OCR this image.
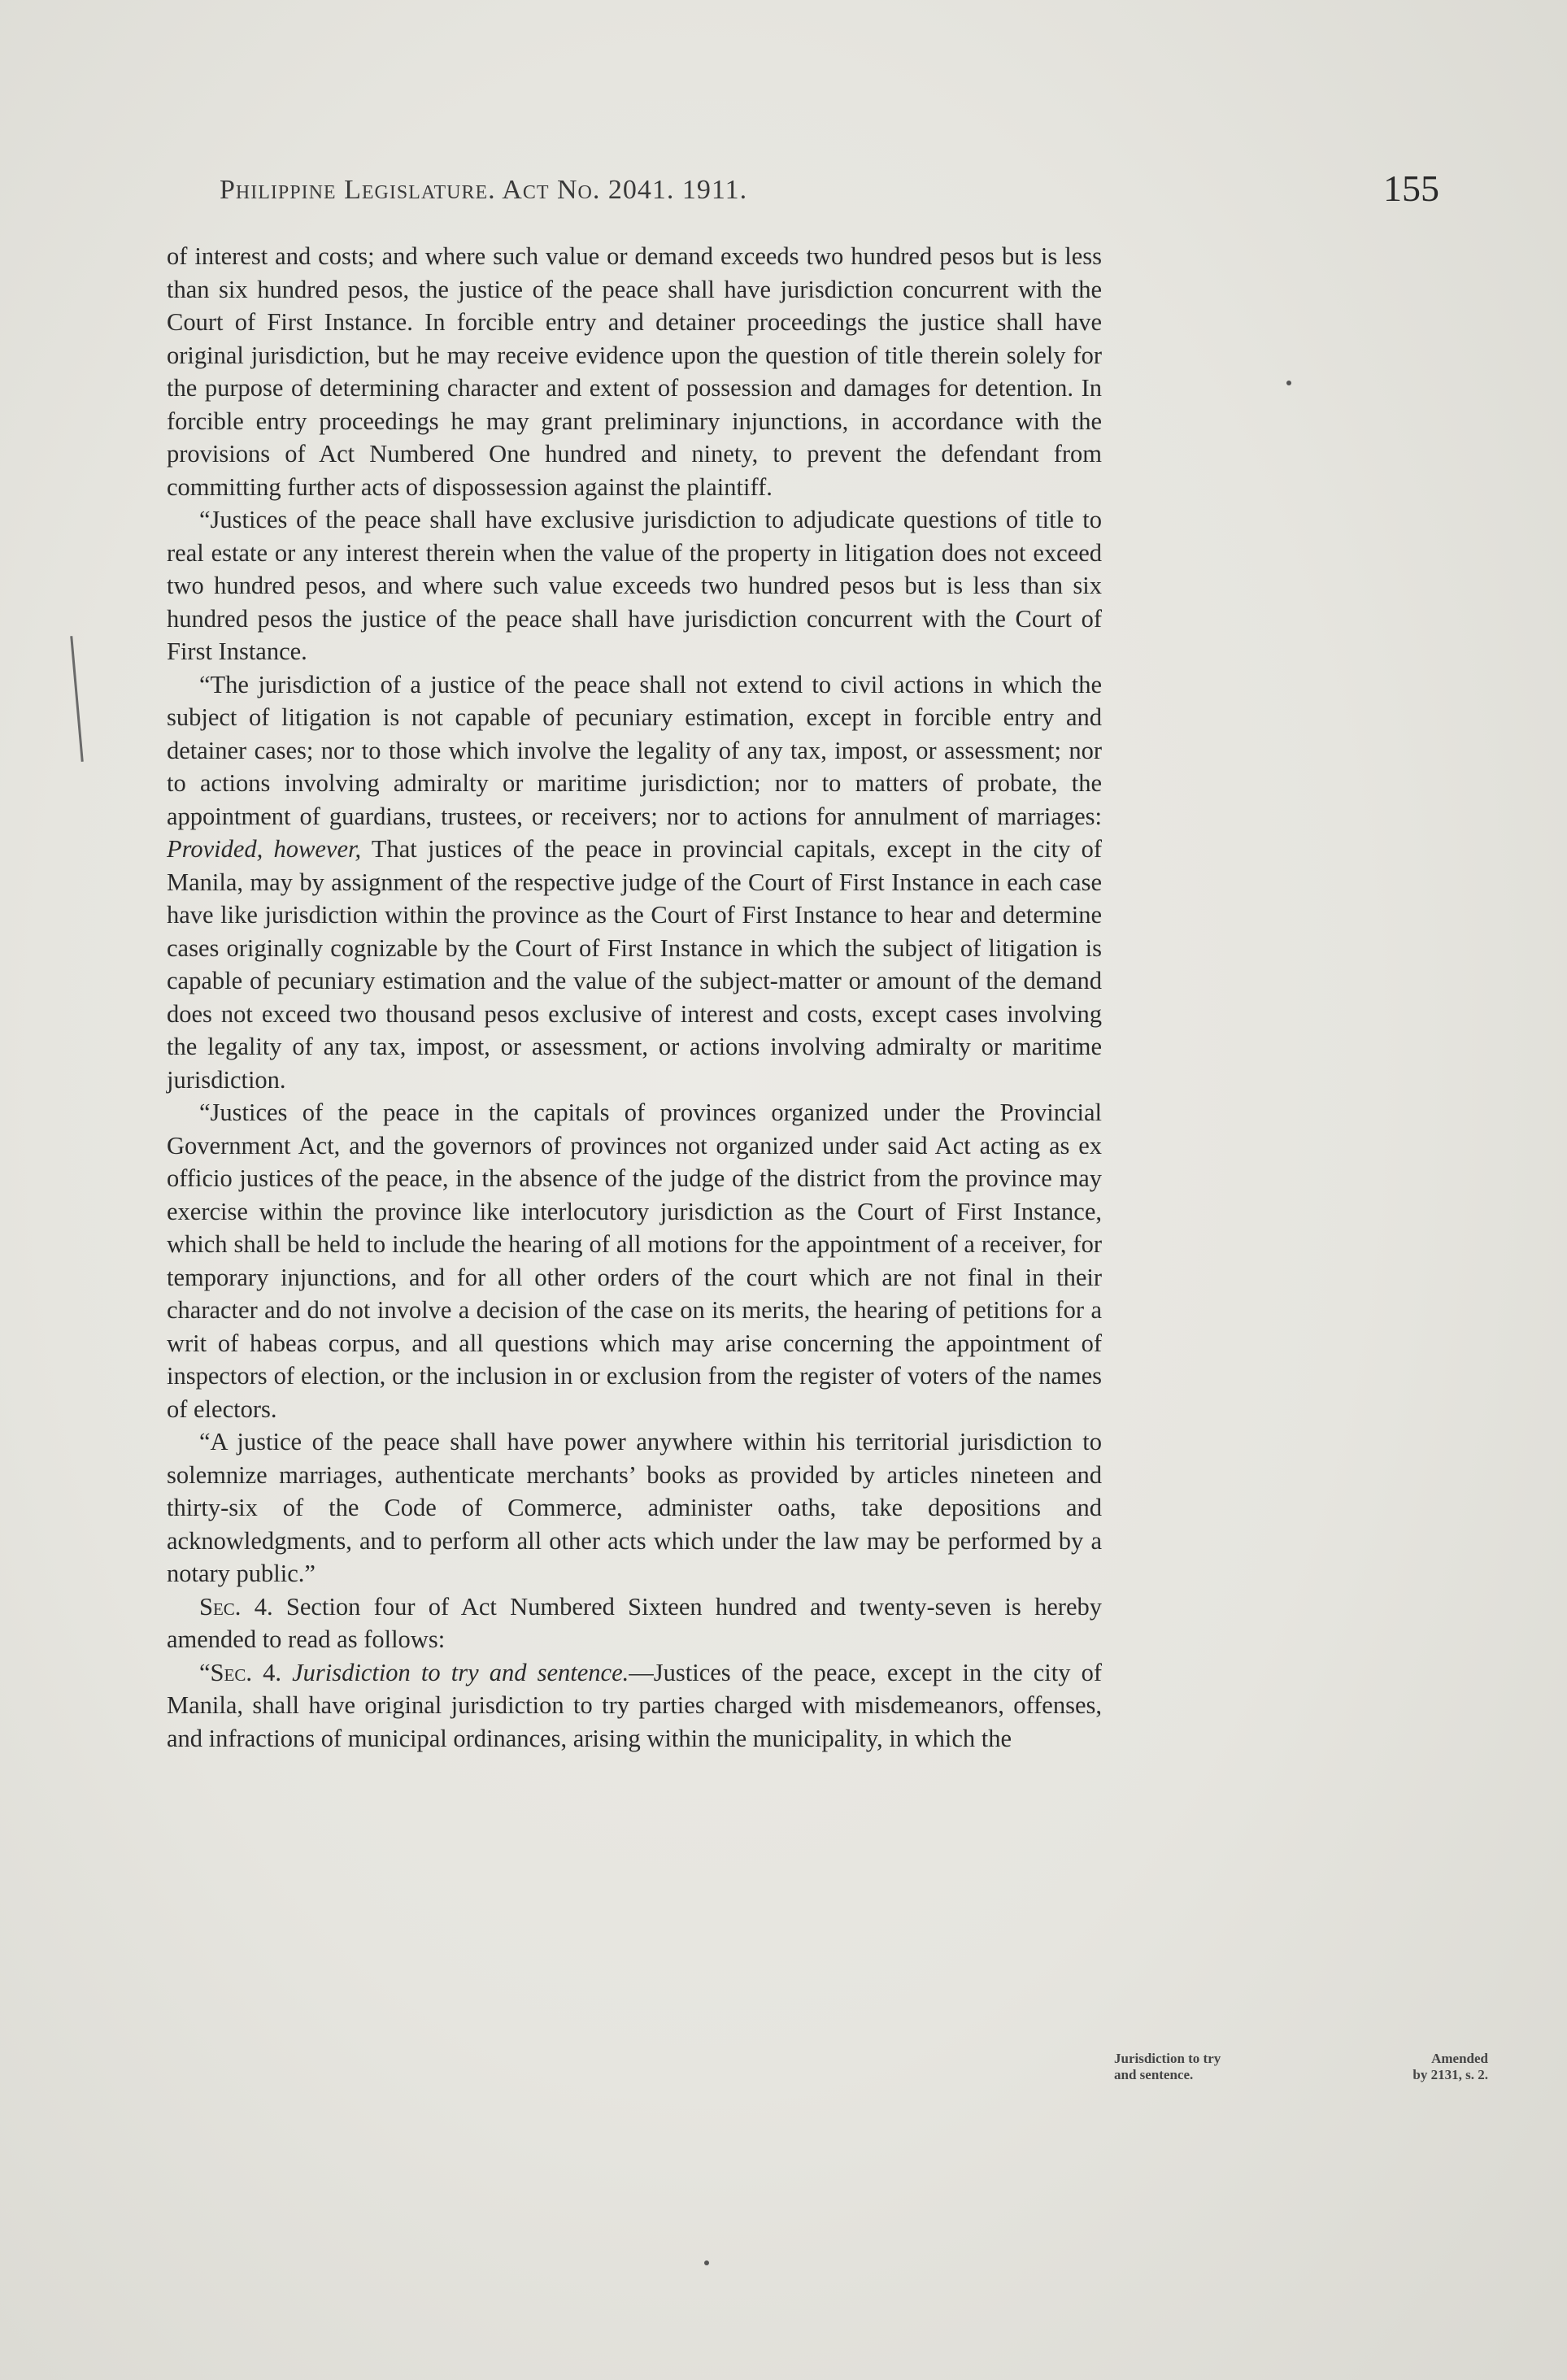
Philippine Legislature. Act No. 2041. 1911.	155

of interest and costs; and where such value or demand exceeds two hundred pesos but is less than six hundred pesos, the justice of the peace shall have jurisdiction concurrent with the Court of First Instance. In forcible entry and detainer proceedings the justice shall have original jurisdiction, but he may receive evidence upon the question of title therein solely for the purpose of determining character and extent of possession and damages for detention. In forcible entry proceedings he may grant preliminary injunctions, in accordance with the provisions of Act Numbered One hundred and ninety, to prevent the defendant from committing further acts of dispossession against the plaintiff.

“Justices of the peace shall have exclusive jurisdiction to adjudicate questions of title to real estate or any interest therein when the value of the property in litigation does not exceed two hundred pesos, and where such value exceeds two hundred pesos but is less than six hundred pesos the justice of the peace shall have jurisdiction concurrent with the Court of First Instance.

“The jurisdiction of a justice of the peace shall not extend to civil actions in which the subject of litigation is not capable of pecuniary estimation, except in forcible entry and detainer cases; nor to those which involve the legality of any tax, impost, or assessment; nor to actions involving admiralty or maritime jurisdiction; nor to matters of probate, the appointment of guardians, trustees, or receivers; nor to actions for annulment of marriages: Provided, however, That justices of the peace in provincial capitals, except in the city of Manila, may by assignment of the respective judge of the Court of First Instance in each case have like jurisdiction within the province as the Court of First Instance to hear and determine cases originally cognizable by the Court of First Instance in which the subject of litigation is capable of pecuniary estimation and the value of the subject-matter or amount of the demand does not exceed two thousand pesos exclusive of interest and costs, except cases involving the legality of any tax, impost, or assessment, or actions involving admiralty or maritime jurisdiction.

“Justices of the peace in the capitals of provinces organized under the Provincial Government Act, and the governors of provinces not organized under said Act acting as ex officio justices of the peace, in the absence of the judge of the district from the province may exercise within the province like interlocutory jurisdiction as the Court of First Instance, which shall be held to include the hearing of all motions for the appointment of a receiver, for temporary injunctions, and for all other orders of the court which are not final in their character and do not involve a decision of the case on its merits, the hearing of petitions for a writ of habeas corpus, and all questions which may arise concerning the appointment of inspectors of election, or the inclusion in or exclusion from the register of voters of the names of electors.

“A justice of the peace shall have power anywhere within his territorial jurisdiction to solemnize marriages, authenticate merchants’ books as provided by articles nineteen and thirty-six of the Code of Commerce, administer oaths, take depositions and acknowledgments, and to perform all other acts which under the law may be performed by a notary public.”

Sec. 4. Section four of Act Numbered Sixteen hundred and twenty-seven is hereby amended to read as follows:

“Sec. 4. Jurisdiction to try and sentence.—Justices of the peace, except in the city of Manila, shall have original jurisdiction to try parties charged with misdemeanors, offenses, and infractions of municipal ordinances, arising within the municipality, in which the

Jurisdiction to try
and sentence.
Amended
by 2131, s. 2.
